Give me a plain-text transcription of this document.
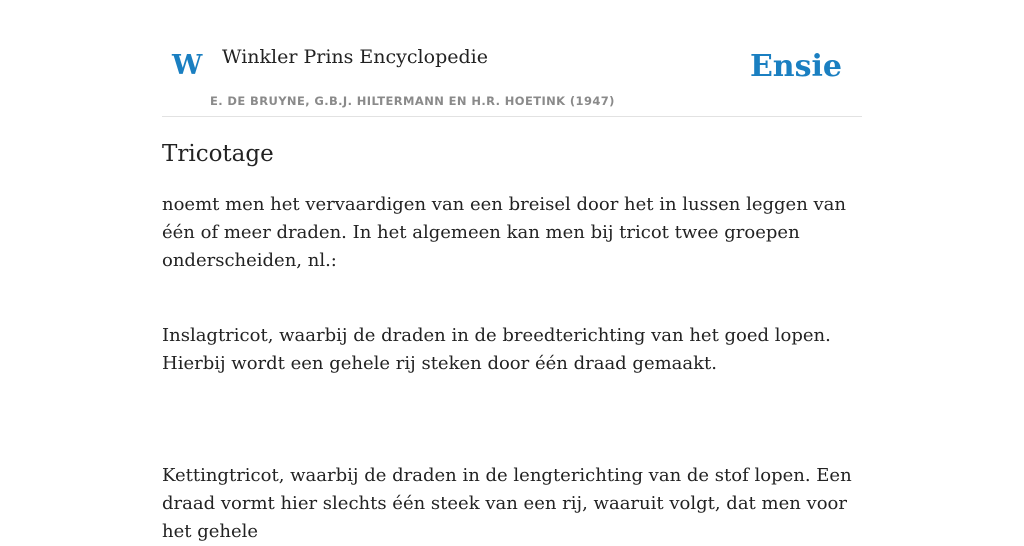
W Winkler Prins Encyclopedie
E. DE BRUYNE, G.B.J. HILTERMANN EN H.R. HOETINK (1947)
Ensie
Tricotage

noemt men het vervaardigen van een breisel door het in lussen leggen van één of meer draden. In het algemeen kan men bij tricot twee groepen onderscheiden, nl.:

Inslagtricot, waarbij de draden in de breedterichting van het goed lopen. Hierbij wordt een gehele rij steken door één draad gemaakt.

Kettingtricot, waarbij de draden in de lengterichting van de stof lopen. Een draad vormt hier slechts één steek van een rij, waaruit volgt, dat men voor het gehele
